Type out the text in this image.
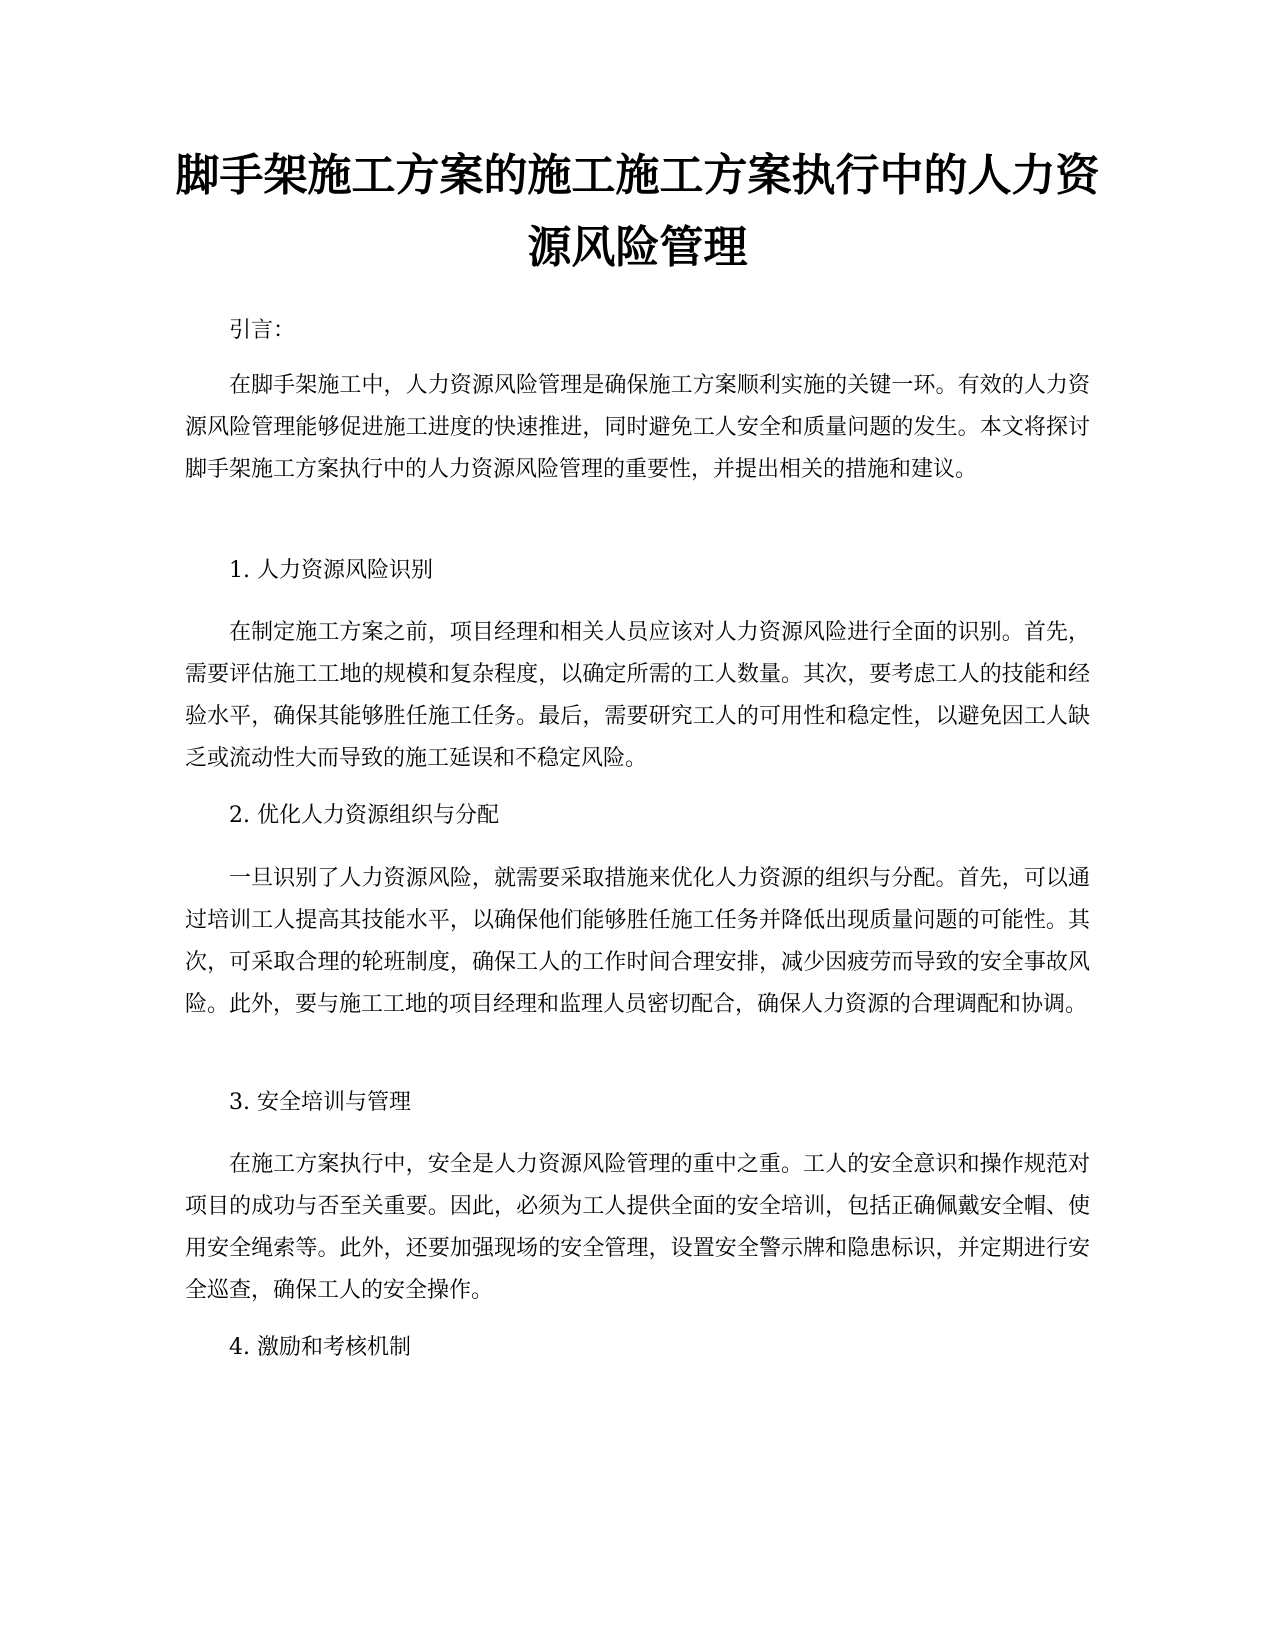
脚手架施工方案的施工施工方案执行中的人力资源风险管理

引言：

在脚手架施工中，人力资源风险管理是确保施工方案顺利实施的关键一环。有效的人力资源风险管理能够促进施工进度的快速推进，同时避免工人安全和质量问题的发生。本文将探讨脚手架施工方案执行中的人力资源风险管理的重要性，并提出相关的措施和建议。

1. 人力资源风险识别

在制定施工方案之前，项目经理和相关人员应该对人力资源风险进行全面的识别。首先，需要评估施工工地的规模和复杂程度，以确定所需的工人数量。其次，要考虑工人的技能和经验水平，确保其能够胜任施工任务。最后，需要研究工人的可用性和稳定性，以避免因工人缺乏或流动性大而导致的施工延误和不稳定风险。

2. 优化人力资源组织与分配

一旦识别了人力资源风险，就需要采取措施来优化人力资源的组织与分配。首先，可以通过培训工人提高其技能水平，以确保他们能够胜任施工任务并降低出现质量问题的可能性。其次，可采取合理的轮班制度，确保工人的工作时间合理安排，减少因疲劳而导致的安全事故风险。此外，要与施工工地的项目经理和监理人员密切配合，确保人力资源的合理调配和协调。

3. 安全培训与管理

在施工方案执行中，安全是人力资源风险管理的重中之重。工人的安全意识和操作规范对项目的成功与否至关重要。因此，必须为工人提供全面的安全培训，包括正确佩戴安全帽、使用安全绳索等。此外，还要加强现场的安全管理，设置安全警示牌和隐患标识，并定期进行安全巡查，确保工人的安全操作。

4. 激励和考核机制
